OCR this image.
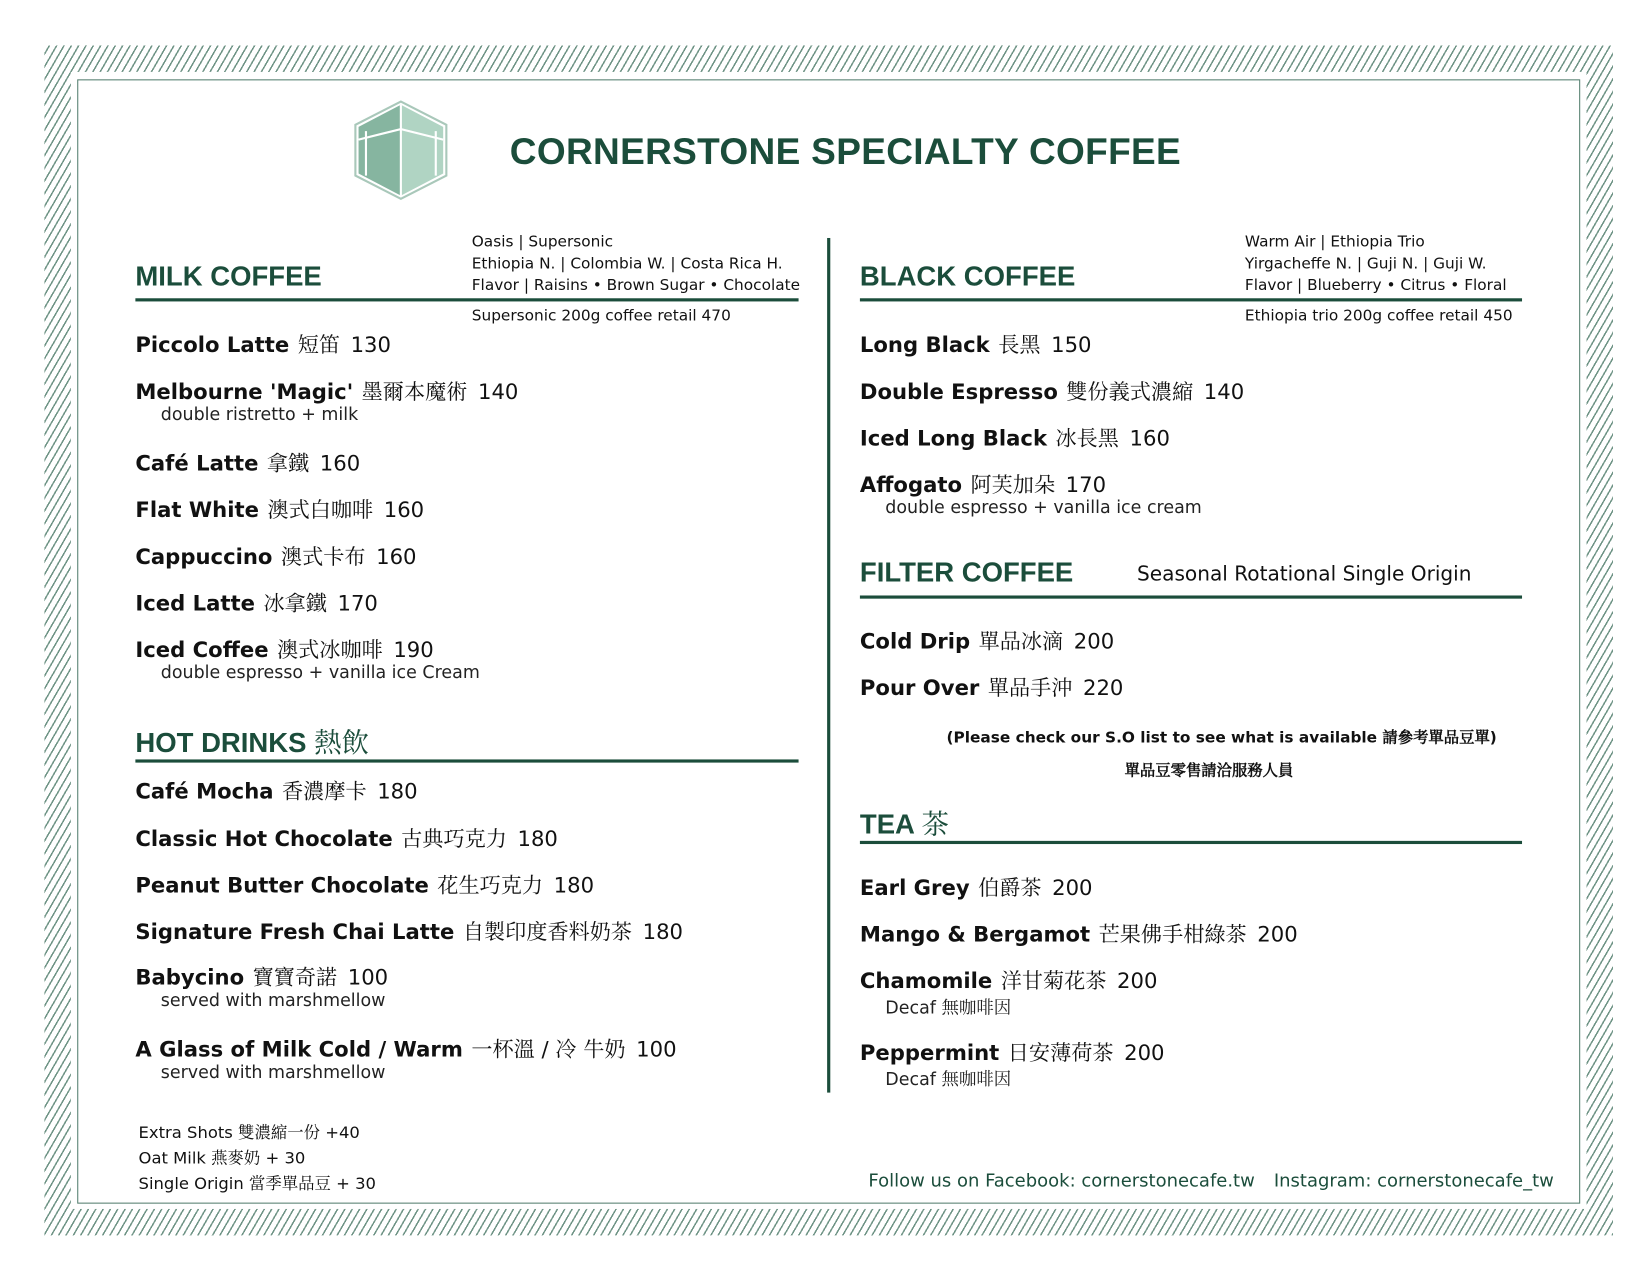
CORNERSTONE SPECIALTY COFFEE
MILK COFFEE
Oasis | Supersonic
Ethiopia N. | Colombia W. | Costa Rica H.
Flavor | Raisins • Brown Sugar • Chocolate
Supersonic 200g coffee retail 470
HOT DRINKS 熱飲
Extra Shots 雙濃縮一份 +40
Oat Milk 燕麥奶 + 30
Single Origin 當季單品豆 + 30
BLACK COFFEE
Warm Air | Ethiopia Trio
Yirgacheffe N. | Guji N. | Guji W.
Flavor | Blueberry • Citrus • Floral
Ethiopia trio 200g coffee retail 450
FILTER COFFEE	Seasonal Rotational Single Origin
(Please check our S.O list to see what is available 請參考單品豆單)
單品豆零售請洽服務人員
TEA 茶
Follow us on Facebook: cornerstonecafe.tw Instagram: cornerstonecafe_tw
Piccolo Latte 短笛 130
Melbourne 'Magic' 墨爾本魔術 140
double ristretto + milk
Café Latte 拿鐵 160
Flat White 澳式白咖啡 160
Cappuccino 澳式卡布 160
Iced Latte 冰拿鐵 170
Iced Coffee 澳式冰咖啡 190
double espresso + vanilla ice Cream
Café Mocha 香濃摩卡 180
Classic Hot Chocolate 古典巧克力 180
Peanut Butter Chocolate 花生巧克力 180
Signature Fresh Chai Latte 自製印度香料奶茶 180
Babycino 寶寶奇諾 100
served with marshmellow
A Glass of Milk Cold / Warm 一杯溫 / 冷 牛奶 100
served with marshmellow
Long Black 長黑 150
Double Espresso 雙份義式濃縮 140
Iced Long Black 冰長黑 160
Affogato 阿芙加朵 170
double espresso + vanilla ice cream
Cold Drip 單品冰滴 200
Pour Over 單品手沖 220
Earl Grey 伯爵茶 200
Mango & Bergamot 芒果佛手柑綠茶 200
Chamomile 洋甘菊花茶 200
Decaf 無咖啡因
Peppermint 日安薄荷茶 200
Decaf 無咖啡因
